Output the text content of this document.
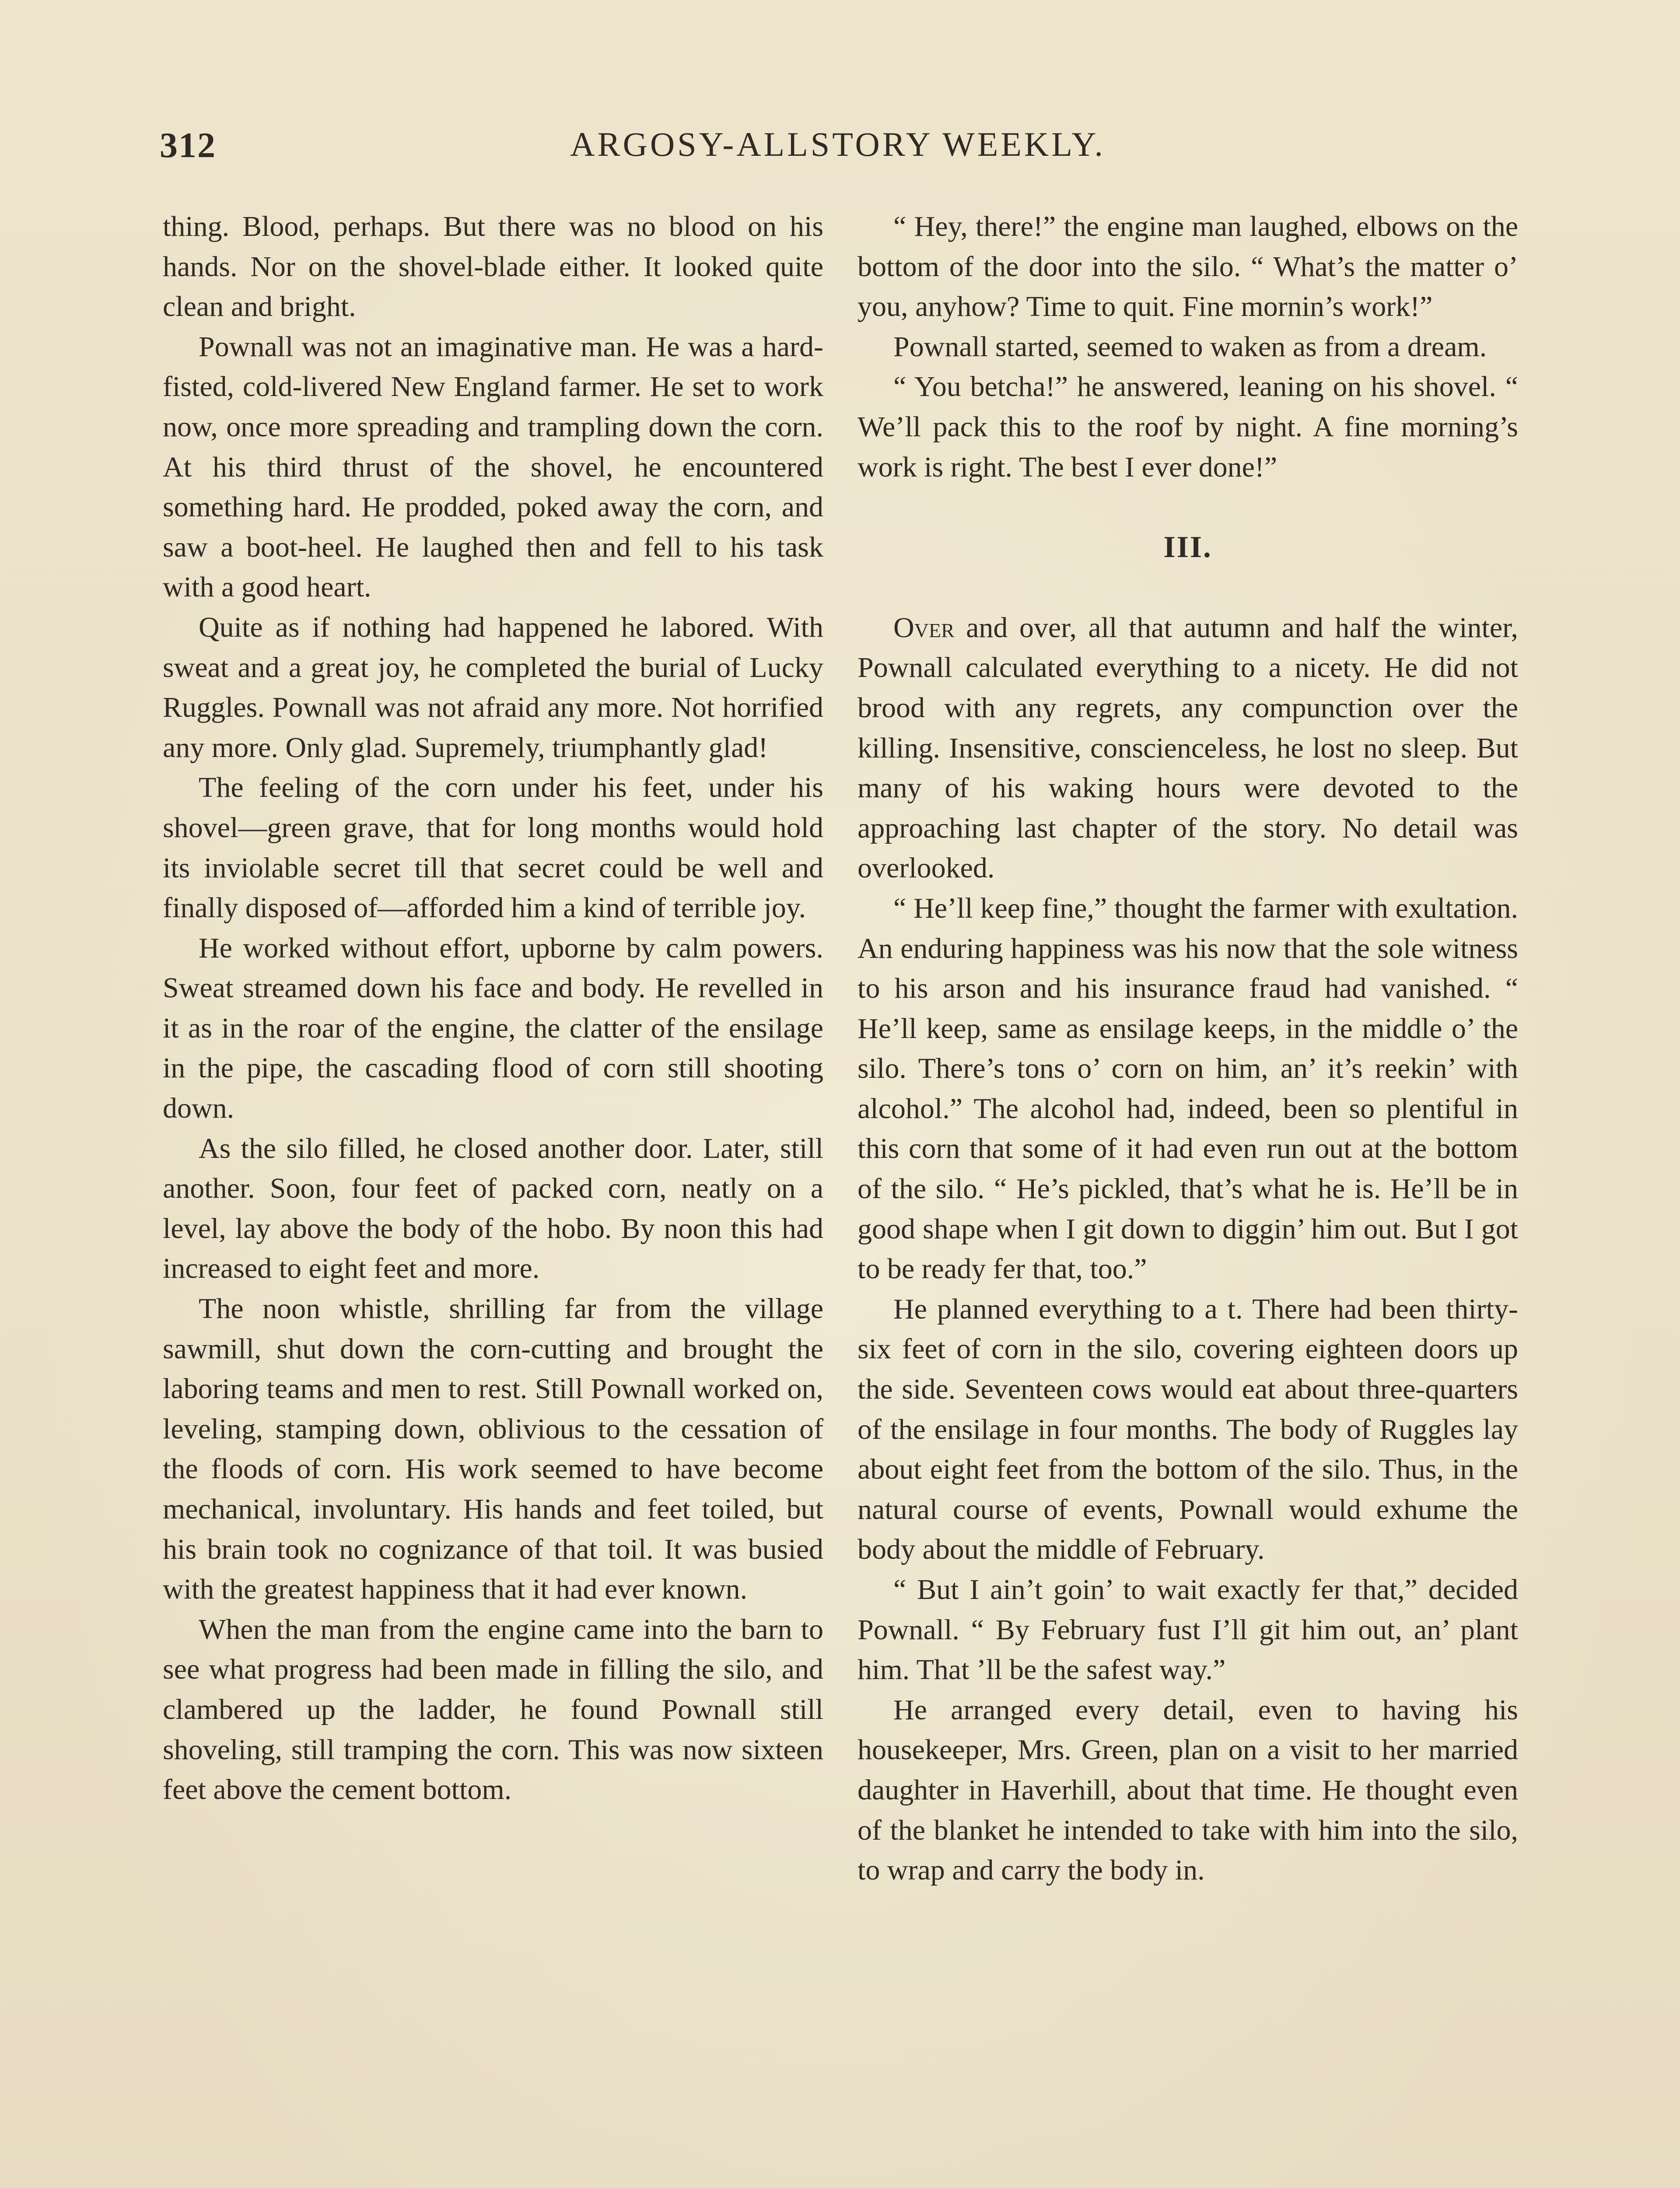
312	ARGOSY-ALLSTORY WEEKLY.

thing. Blood, perhaps. But there was no blood on his hands. Nor on the shovel-blade either. It looked quite clean and bright.

Pownall was not an imaginative man. He was a hard-fisted, cold-livered New England farmer. He set to work now, once more spreading and trampling down the corn. At his third thrust of the shovel, he encountered something hard. He prodded, poked away the corn, and saw a boot-heel. He laughed then and fell to his task with a good heart.

Quite as if nothing had happened he labored. With sweat and a great joy, he completed the burial of Lucky Ruggles. Pownall was not afraid any more. Not horrified any more. Only glad. Supremely, triumphantly glad!

The feeling of the corn under his feet, under his shovel—green grave, that for long months would hold its inviolable secret till that secret could be well and finally disposed of—afforded him a kind of terrible joy.

He worked without effort, upborne by calm powers. Sweat streamed down his face and body. He revelled in it as in the roar of the engine, the clatter of the ensilage in the pipe, the cascading flood of corn still shooting down.

As the silo filled, he closed another door. Later, still another. Soon, four feet of packed corn, neatly on a level, lay above the body of the hobo. By noon this had increased to eight feet and more.

The noon whistle, shrilling far from the village sawmill, shut down the corn-cutting and brought the laboring teams and men to rest. Still Pownall worked on, leveling, stamping down, oblivious to the cessation of the floods of corn. His work seemed to have become mechanical, involuntary. His hands and feet toiled, but his brain took no cognizance of that toil. It was busied with the greatest happiness that it had ever known.

When the man from the engine came into the barn to see what progress had been made in filling the silo, and clambered up the ladder, he found Pownall still shoveling, still tramping the corn. This was now sixteen feet above the cement bottom.

“ Hey, there!” the engine man laughed, elbows on the bottom of the door into the silo. “ What’s the matter o’ you, anyhow? Time to quit. Fine mornin’s work!”

Pownall started, seemed to waken as from a dream.

“ You betcha!” he answered, leaning on his shovel. “ We’ll pack this to the roof by night. A fine morning’s work is right. The best I ever done!”

III.

Over and over, all that autumn and half the winter, Pownall calculated everything to a nicety. He did not brood with any regrets, any compunction over the killing. Insensitive, conscienceless, he lost no sleep. But many of his waking hours were devoted to the approaching last chapter of the story. No detail was overlooked.

“ He’ll keep fine,” thought the farmer with exultation. An enduring happiness was his now that the sole witness to his arson and his insurance fraud had vanished. “ He’ll keep, same as ensilage keeps, in the middle o’ the silo. There’s tons o’ corn on him, an’ it’s reekin’ with alcohol.” The alcohol had, indeed, been so plentiful in this corn that some of it had even run out at the bottom of the silo. “ He’s pickled, that’s what he is. He’ll be in good shape when I git down to diggin’ him out. But I got to be ready fer that, too.”

He planned everything to a t. There had been thirty-six feet of corn in the silo, covering eighteen doors up the side. Seventeen cows would eat about three-quarters of the ensilage in four months. The body of Ruggles lay about eight feet from the bottom of the silo. Thus, in the natural course of events, Pownall would exhume the body about the middle of February.

“ But I ain’t goin’ to wait exactly fer that,” decided Pownall. “ By February fust I’ll git him out, an’ plant him. That ’ll be the safest way.”

He arranged every detail, even to having his housekeeper, Mrs. Green, plan on a visit to her married daughter in Haverhill, about that time. He thought even of the blanket he intended to take with him into the silo, to wrap and carry the body in.
